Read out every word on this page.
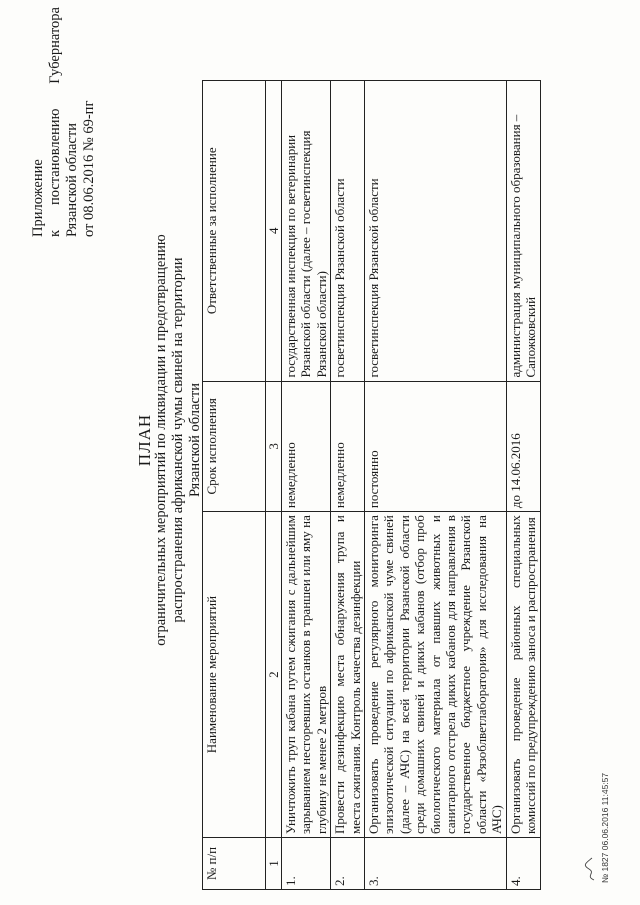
Приложение к
постановлению
Губернатора
Рязанской области от 08.06.2016 № 69-пг
ПЛАН ограничительных мероприятий по ликвидации и предотвращению распространения африканской чумы свиней на территории Рязанской области
№ п/п	Наименование мероприятий	Срок исполнения	Ответственные за исполнение
1	2	3	4
1.	Уничтожить труп кабана путем сжигания с дальнейшим зарыванием несгоревших останков в траншеи или яму на глубину не менее 2 метров	немедленно	государственная инспекция по ветеринарии Рязанской области (далее – госветинспекция Рязанской области)
2.	Провести дезинфекцию места обнаружения трупа и места сжигания. Контроль качества дезинфекции	немедленно	госветинспекция Рязанской области
3.	Организовать проведение регулярного мониторинга эпизоотической ситуации по африканской чуме свиней (далее – АЧС) на всей территории Рязанской области среди домашних свиней и диких кабанов (отбор проб биологического материала от павших животных и санитарного отстрела диких кабанов для направления в государственное бюджетное учреждение Рязанской области «Рязоблветлаборатория» для исследования на АЧС)	постоянно	госветинспекция Рязанской области
4.	Организовать проведение районных специальных комиссий по предупреждению заноса и распространения	до 14.06.2016	администрация муниципального образования – Сапожковский
№ 1827 06.06.2016 11:45:57
